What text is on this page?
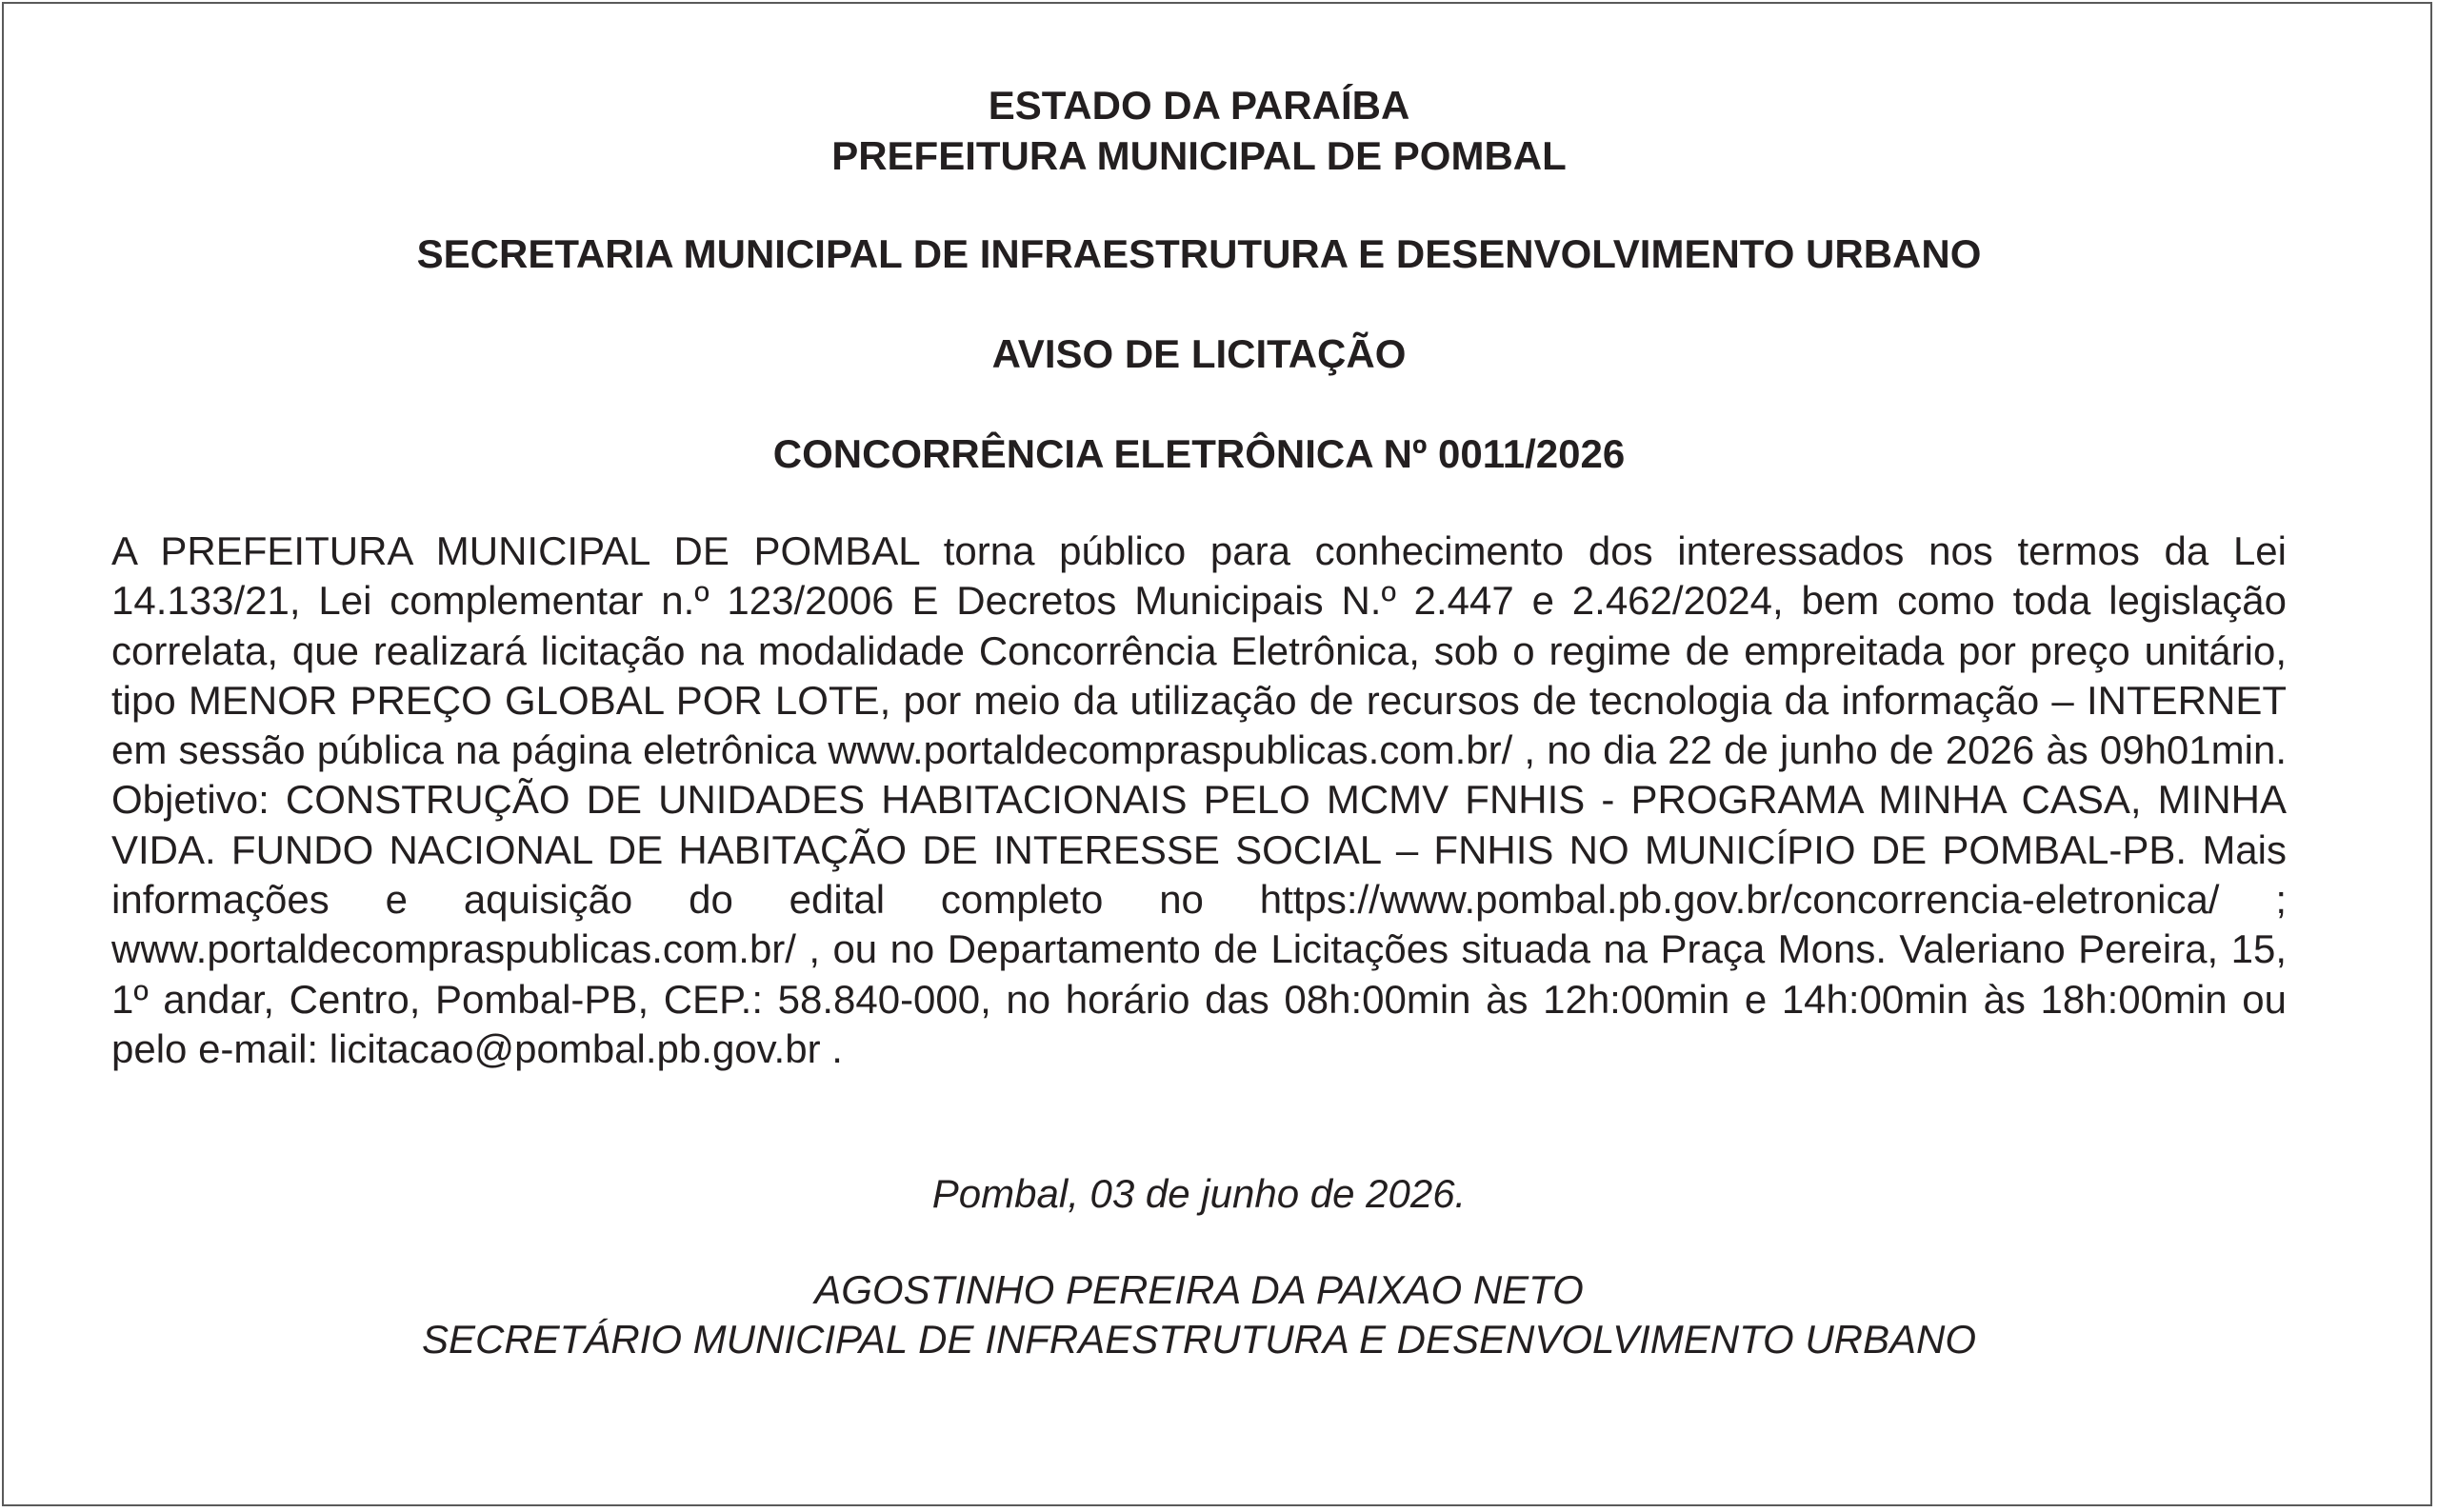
ESTADO DA PARAÍBA

PREFEITURA MUNICIPAL DE POMBAL

SECRETARIA MUNICIPAL DE INFRAESTRUTURA E DESENVOLVIMENTO URBANO

AVISO DE LICITAÇÃO

CONCORRÊNCIA ELETRÔNICA Nº 0011/2026

A PREFEITURA MUNICIPAL DE POMBAL torna público para conhecimento dos interessados nos termos da Lei 14.133/21, Lei complementar n.º 123/2006 E Decretos Municipais N.º 2.447 e 2.462/2024, bem como toda legislação correlata, que realizará licitação na modalidade Concorrência Eletrônica, sob o regime de empreitada por preço unitário, tipo MENOR PREÇO GLOBAL POR LOTE, por meio da utilização de recursos de tecnologia da informação – INTERNET em sessão pública na página eletrônica www.portaldecompraspublicas.com.br/ , no dia 22 de junho de 2026 às 09h01min. Objetivo: CONSTRUÇÃO DE UNIDADES HABITACIONAIS PELO MCMV FNHIS - PROGRAMA MINHA CASA, MINHA VIDA. FUNDO NACIONAL DE HABITAÇÃO DE INTERESSE SOCIAL – FNHIS NO MUNICÍPIO DE POMBAL-PB. Mais informações e aquisição do edital completo no https://www.pombal.pb.gov.br/concorrencia-eletronica/ ; www.portaldecompraspublicas.com.br/ , ou no Departamento de Licitações situada na Praça Mons. Valeriano Pereira, 15, 1º andar, Centro, Pombal-PB, CEP.: 58.840-000, no horário das 08h:00min às 12h:00min e 14h:00min às 18h:00min ou pelo e-mail: licitacao@pombal.pb.gov.br .

Pombal, 03 de junho de 2026.

AGOSTINHO PEREIRA DA PAIXAO NETO
SECRETÁRIO MUNICIPAL DE INFRAESTRUTURA E DESENVOLVIMENTO URBANO
